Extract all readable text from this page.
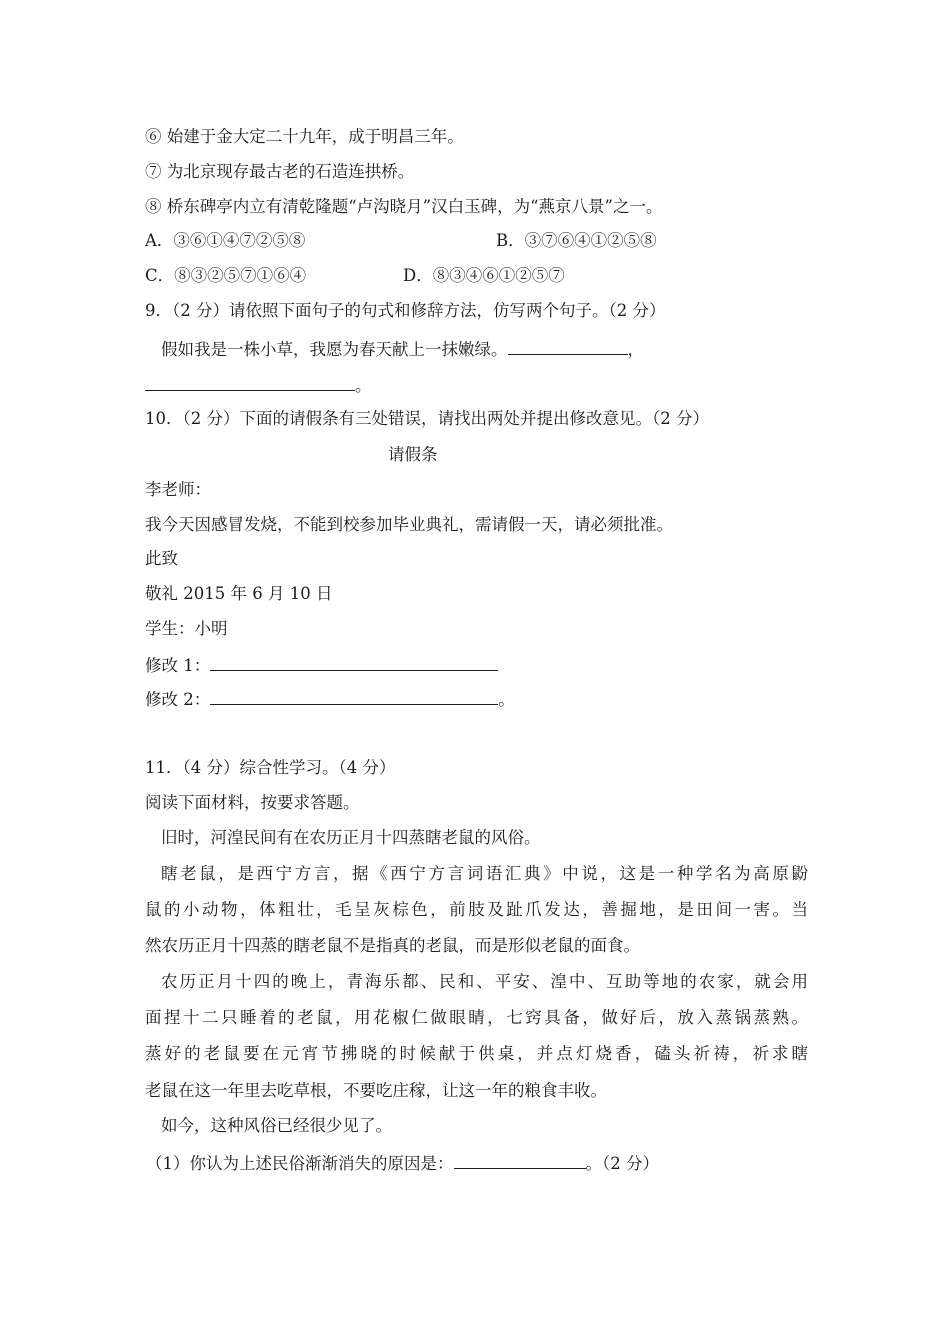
⑥ 始建于金大定二十九年，成于明昌三年。
⑦ 为北京现存最古老的石造连拱桥。
⑧ 桥东碑亭内立有清乾隆题“卢沟晓月”汉白玉碑，为“燕京八景”之一。
A．③⑥①④⑦②⑤⑧	B．③⑦⑥④①②⑤⑧
C．⑧③②⑤⑦①⑥④	D．⑧③④⑥①②⑤⑦
9．（2 分）请依照下面句子的句式和修辞方法，仿写两个句子。（2 分）
假如我是一株小草，我愿为春天献上一抹嫩绿。	，
。
10．（2 分）下面的请假条有三处错误，请找出两处并提出修改意见。（2 分）
请假条
李老师：
我今天因感冒发烧，不能到校参加毕业典礼，需请假一天，请必须批准。
此致
敬礼 2015 年 6 月 10 日
学生：小明
修改 1：
修改 2：	。
11．（4 分）综合性学习。（4 分）
阅读下面材料，按要求答题。
旧时，河湟民间有在农历正月十四蒸瞎老鼠的风俗。
瞎老鼠，是西宁方言，据《西宁方言词语汇典》中说，这是一种学名为高原鼢
鼠的小动物，体粗壮，毛呈灰棕色，前肢及趾爪发达，善掘地，是田间一害。当
然农历正月十四蒸的瞎老鼠不是指真的老鼠，而是形似老鼠的面食。
农历正月十四的晚上，青海乐都、民和、平安、湟中、互助等地的农家，就会用
面捏十二只睡着的老鼠，用花椒仁做眼睛，七窍具备，做好后，放入蒸锅蒸熟。
蒸好的老鼠要在元宵节拂晓的时候献于供桌，并点灯烧香，磕头祈祷，祈求瞎
老鼠在这一年里去吃草根，不要吃庄稼，让这一年的粮食丰收。
如今，这种风俗已经很少见了。
（1）你认为上述民俗渐渐消失的原因是：	。（2 分）
